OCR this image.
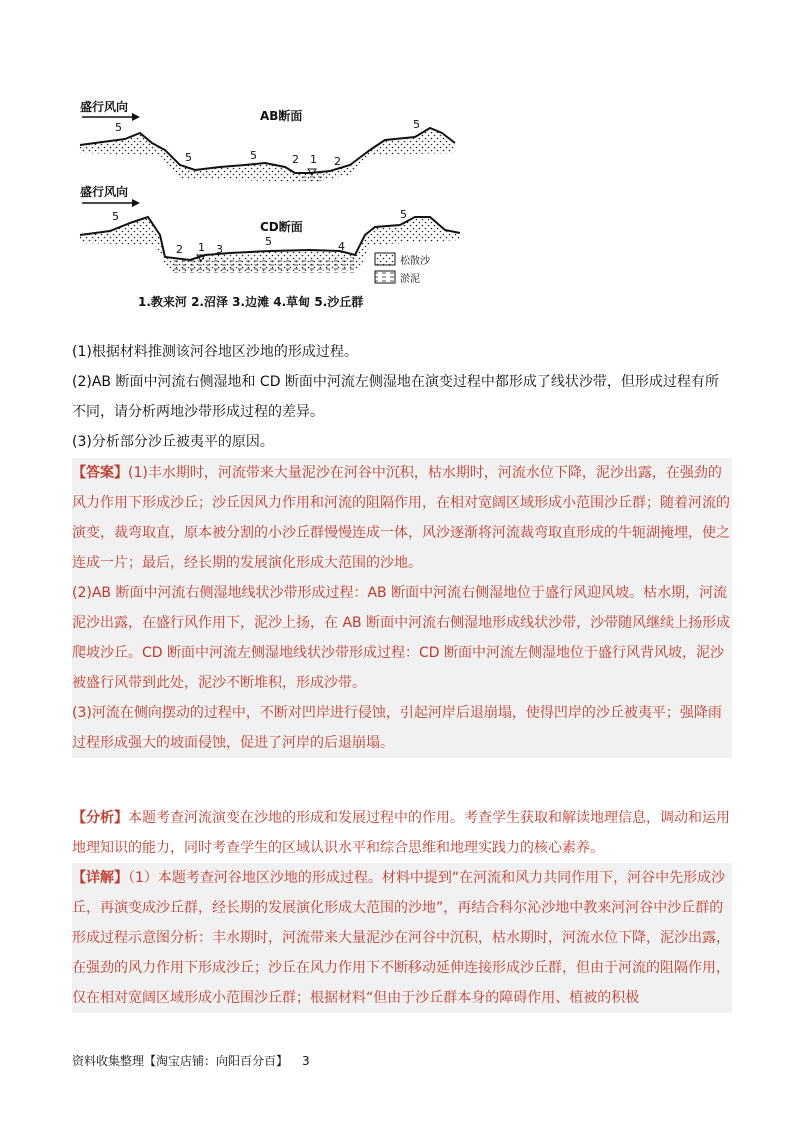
盛行风向
AB断面
5
5	5	2 1 2
5
盛行风向
CD断面
5
2 1 3
5	4
5
松散沙
淤泥
1.教来河 2.沼泽 3.边滩 4.草甸 5.沙丘群
(1)根据材料推测该河谷地区沙地的形成过程。
(2)AB 断面中河流右侧湿地和 CD 断面中河流左侧湿地在演变过程中都形成了线状沙带，但形成过程有所不同，请分析两地沙带形成过程的差异。
(3)分析部分沙丘被夷平的原因。
【答案】(1)丰水期时，河流带来大量泥沙在河谷中沉积，枯水期时，河流水位下降，泥沙出露，在强劲的风力作用下形成沙丘；沙丘因风力作用和河流的阻隔作用，在相对宽阔区域形成小范围沙丘群；随着河流的演变，裁弯取直，原本被分割的小沙丘群慢慢连成一体，风沙逐渐将河流裁弯取直形成的牛轭湖掩埋，使之连成一片；最后，经长期的发展演化形成大范围的沙地。
(2)AB 断面中河流右侧湿地线状沙带形成过程：AB 断面中河流右侧湿地位于盛行风迎风坡。枯水期，河流泥沙出露，在盛行风作用下，泥沙上扬，在 AB 断面中河流右侧湿地形成线状沙带，沙带随风继续上扬形成爬坡沙丘。CD 断面中河流左侧湿地线状沙带形成过程：CD 断面中河流左侧湿地位于盛行风背风坡，泥沙被盛行风带到此处，泥沙不断堆积，形成沙带。
(3)河流在侧向摆动的过程中，不断对凹岸进行侵蚀，引起河岸后退崩塌，使得凹岸的沙丘被夷平；强降雨过程形成强大的坡面侵蚀，促进了河岸的后退崩塌。
【分析】本题考查河流演变在沙地的形成和发展过程中的作用。考查学生获取和解读地理信息，调动和运用地理知识的能力，同时考查学生的区域认识水平和综合思维和地理实践力的核心素养。
【详解】（1）本题考查河谷地区沙地的形成过程。材料中提到“在河流和风力共同作用下，河谷中先形成沙丘，再演变成沙丘群，经长期的发展演化形成大范围的沙地”，再结合科尔沁沙地中教来河河谷中沙丘群的形成过程示意图分析：丰水期时，河流带来大量泥沙在河谷中沉积，枯水期时，河流水位下降，泥沙出露，在强劲的风力作用下形成沙丘；沙丘在风力作用下不断移动延伸连接形成沙丘群，但由于河流的阻隔作用，仅在相对宽阔区域形成小范围沙丘群；根据材料“但由于沙丘群本身的障碍作用、植被的积极
资料收集整理【淘宝店铺：向阳百分百】 3
